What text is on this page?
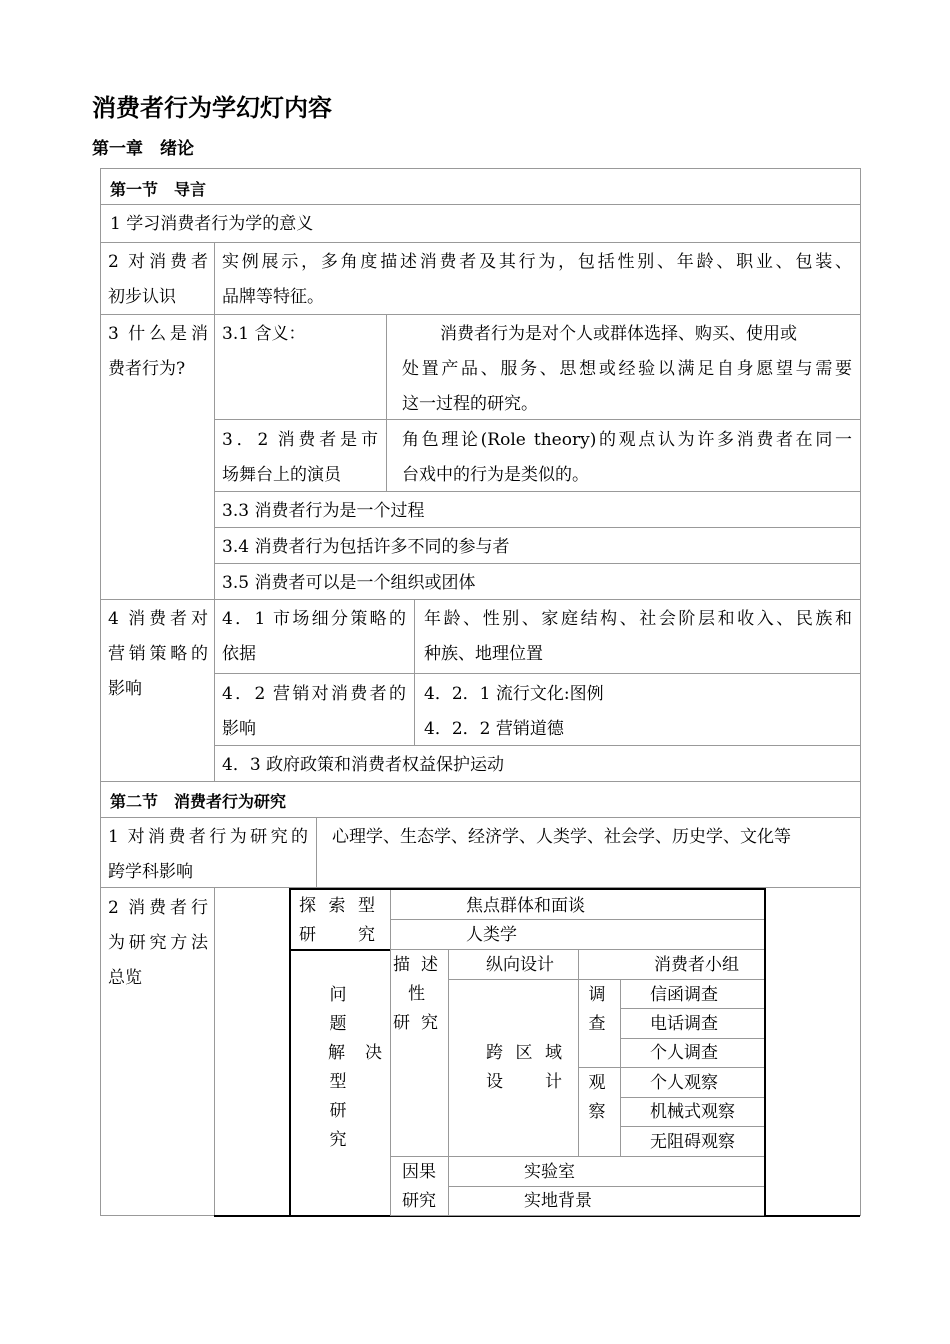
消费者行为学幻灯内容
第一章　绪论
第一节　导言
1 学习消费者行为学的意义
2 对消费者
初步认识
实例展示，多角度描述消费者及其行为，包括性别、年龄、职业、包装、
品牌等特征。
3 什么是消
费者行为?
3.1 含义：	消费者行为是对个人或群体选择、购买、使用或
处置产品、服务、思想或经验以满足自身愿望与需要
这一过程的研究。
3．2 消费者是市
场舞台上的演员
角色理论(Role theory)的观点认为许多消费者在同一
台戏中的行为是类似的。
3.3 消费者行为是一个过程
3.4 消费者行为包括许多不同的参与者
3.5 消费者可以是一个组织或团体
4 消费者对
营销策略的
影响
4．1 市场细分策略的
依据
年龄、性别、家庭结构、社会阶层和收入、民族和
种族、地理位置
4．2 营销对消费者的
影响
4．2．1 流行文化:图例
4．2．2 营销道德
4．3 政府政策和消费者权益保护运动
第二节　消费者行为研究
1 对消费者行为研究的
跨学科影响
心理学、生态学、经济学、人类学、社会学、历史学、文化等
2 消费者行
为研究方法
总览
探索型
研究
焦点群体和面谈
人类学
问
题
解 决
型
研
究
描述
性
研究
纵向设计	消费者小组
跨区域
设计
调
查
信函调查
电话调查
个人调查
观
察
个人观察
机械式观察
无阻碍观察
因果
研究
实验室
实地背景
